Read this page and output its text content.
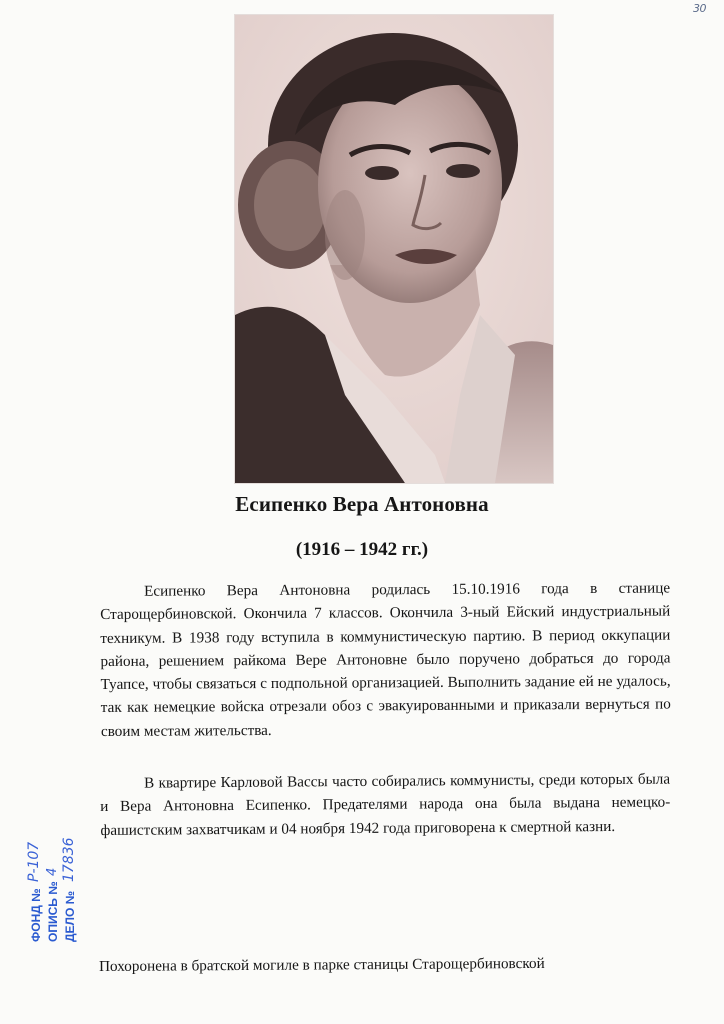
30
Есипенко Вера Антоновна
(1916 – 1942 гг.)

Есипенко Вера Антоновна родилась 15.10.1916 года в станице Старощербиновской. Окончила 7 классов. Окончила 3-ный Ейский индустриальный техникум. В 1938 году вступила в коммунистическую партию. В период оккупации района, решением райкома Вере Антоновне было поручено добраться до города Туапсе, чтобы связаться с подпольной организацией. Выполнить задание ей не удалось, так как немецкие войска отрезали обоз с эвакуированными и приказали вернуться по своим местам жительства.

В квартире Карловой Вассы часто собирались коммунисты, среди которых была и Вера Антоновна Есипенко. Предателями народа она была выдана немецко-фашистским захватчикам и 04 ноября 1942 года приговорена к смертной казни.

Похоронена в братской могиле в парке станицы Старощербиновской

ФОНД № ОПИСЬ № ДЕЛО №
Р-107 4 17836
